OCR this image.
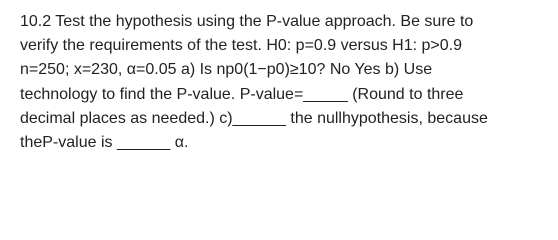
10.2 Test the hypothesis using the P-value approach. Be sure to
verify the requirements of the test. H0: p=0.9 versus H1: p>0.9
n=250; x=230, α=0.05 a) Is np0(1−p0)≥10? No Yes b) Use
technology to find the P-value. P-value=_____ (Round to three
decimal places as needed.) c)______ the nullhypothesis, because
theP-value is ______ α.
